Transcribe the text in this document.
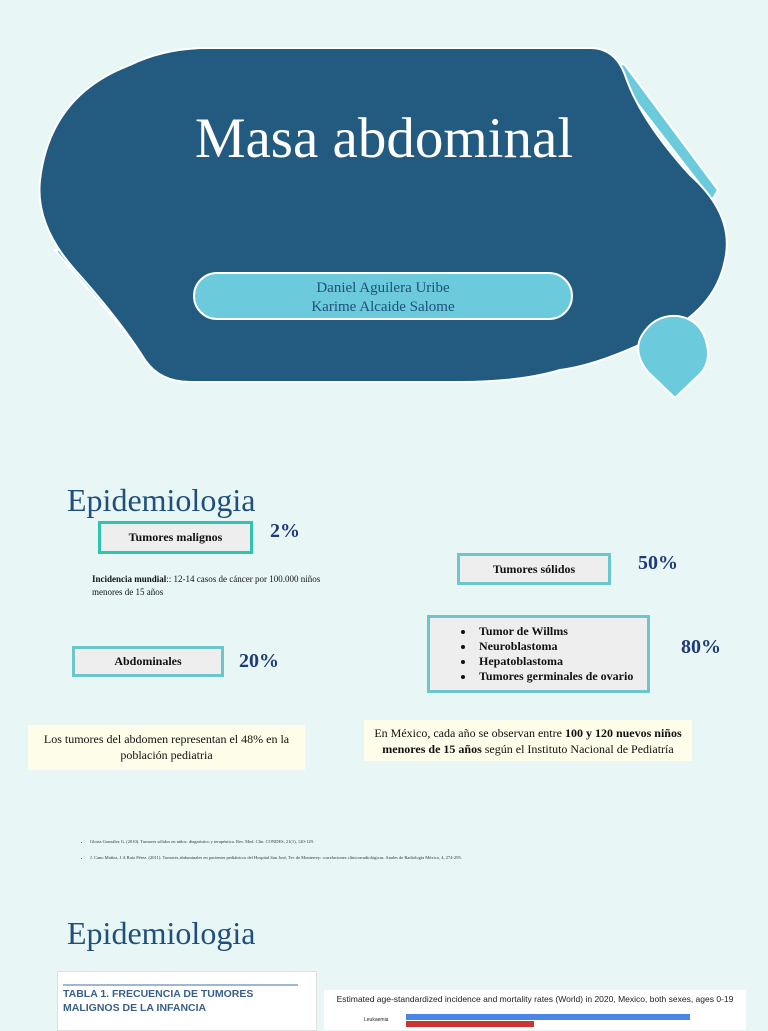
Masa abdominal
Daniel Aguilera Uribe
Karime Alcaide Salome
Epidemiologia
Tumores malignos	2%
Incidencia mundial:: 12-14 casos de cáncer por 100.000 niños menores de 15 años
Tumores sólidos	50%
• Tumor de Willms
• Neuroblastoma
• Hepatoblastoma
• Tumores germinales de ovario
80%
Abdominales	20%
Los tumores del abdomen representan el 48% en la población pediatria
En México, cada año se observan entre 100 y 120 nuevos niños menores de 15 años según el Instituto Nacional de Pediatría
• Gloria González G. (2010). Tumores sólidos en niños: diagnóstico y terapéutica. Rev. Med. Clin. CONDES, 21(1), 120-129.
• J. Cano Muñoz, J.A Ruiz Pérez. (2011). Tumores abdominales en pacientes pediátricos del Hospital San José, Tec de Monterrey: correlaciones clínicorradiológicas. Anales de Radiología México, 4, 274-295.
Epidemiologia
TABLA 1. FRECUENCIA DE TUMORES MALIGNOS DE LA INFANCIA
Estimated age-standardized incidence and mortality rates (World) in 2020, Mexico, both sexes, ages 0-19
Leukaemia
